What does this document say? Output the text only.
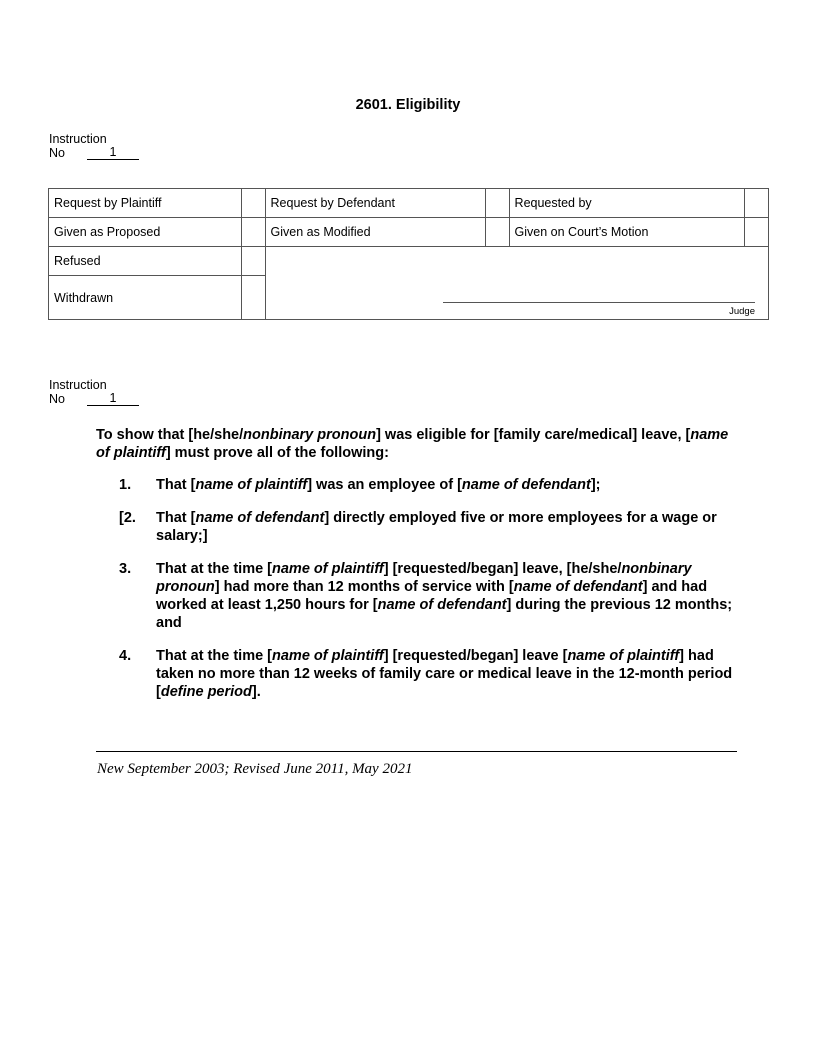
2601. Eligibility
Instruction
No	1
Request by Plaintiff		Request by Defendant		Requested by	
Given as Proposed		Given as Modified		Given on Court’s Motion	
Refused		Judge			

Withdrawn					
Instruction
No	1

To show that [he/she/nonbinary pronoun] was eligible for [family care/medical] leave, [name of plaintiff] must prove all of the following:

1.	That [name of plaintiff] was an employee of [name of defendant];
[2.	That [name of defendant] directly employed five or more employees for a wage or salary;]
3.	That at the time [name of plaintiff] [requested/began] leave, [he/she/nonbinary pronoun] had more than 12 months of service with [name of defendant] and had worked at least 1,250 hours for [name of defendant] during the previous 12 months; and
4.	That at the time [name of plaintiff] [requested/began] leave [name of plaintiff] had taken no more than 12 weeks of family care or medical leave in the 12-month period [define period].
New September 2003; Revised June 2011, May 2021
